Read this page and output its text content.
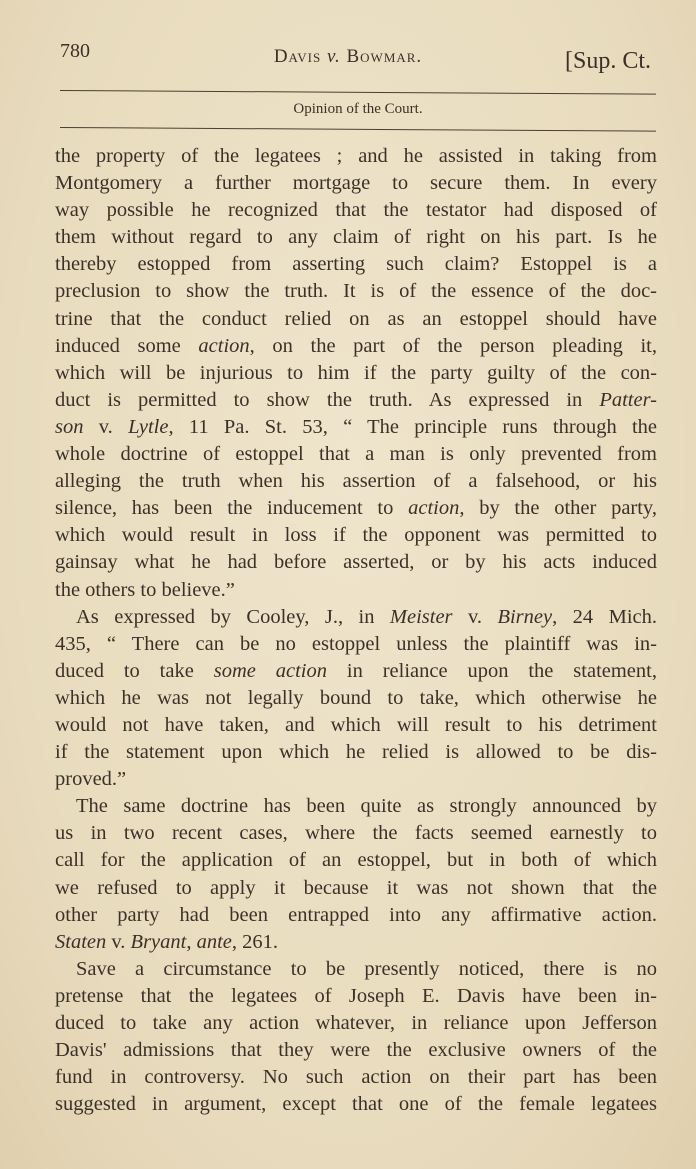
780	Davis v. Bowmar.	[Sup. Ct.
Opinion of the Court.
the property of the legatees ; and he assisted in taking from
Montgomery a further mortgage to secure them. In every
way possible he recognized that the testator had disposed of
them without regard to any claim of right on his part. Is he
thereby estopped from asserting such claim? Estoppel is a
preclusion to show the truth. It is of the essence of the doc-
trine that the conduct relied on as an estoppel should have
induced some action, on the part of the person pleading it,
which will be injurious to him if the party guilty of the con-
duct is permitted to show the truth. As expressed in Patter-
son v. Lytle, 11 Pa. St. 53, “ The principle runs through the
whole doctrine of estoppel that a man is only prevented from
alleging the truth when his assertion of a falsehood, or his
silence, has been the inducement to action, by the other party,
which would result in loss if the opponent was permitted to
gainsay what he had before asserted, or by his acts induced
the others to believe.”
As expressed by Cooley, J., in Meister v. Birney, 24 Mich.
435, “ There can be no estoppel unless the plaintiff was in-
duced to take some action in reliance upon the statement,
which he was not legally bound to take, which otherwise he
would not have taken, and which will result to his detriment
if the statement upon which he relied is allowed to be dis-
proved.”
The same doctrine has been quite as strongly announced by
us in two recent cases, where the facts seemed earnestly to
call for the application of an estoppel, but in both of which
we refused to apply it because it was not shown that the
other party had been entrapped into any affirmative action.
Staten v. Bryant, ante, 261.
Save a circumstance to be presently noticed, there is no
pretense that the legatees of Joseph E. Davis have been in-
duced to take any action whatever, in reliance upon Jefferson
Davis' admissions that they were the exclusive owners of the
fund in controversy. No such action on their part has been
suggested in argument, except that one of the female legatees
